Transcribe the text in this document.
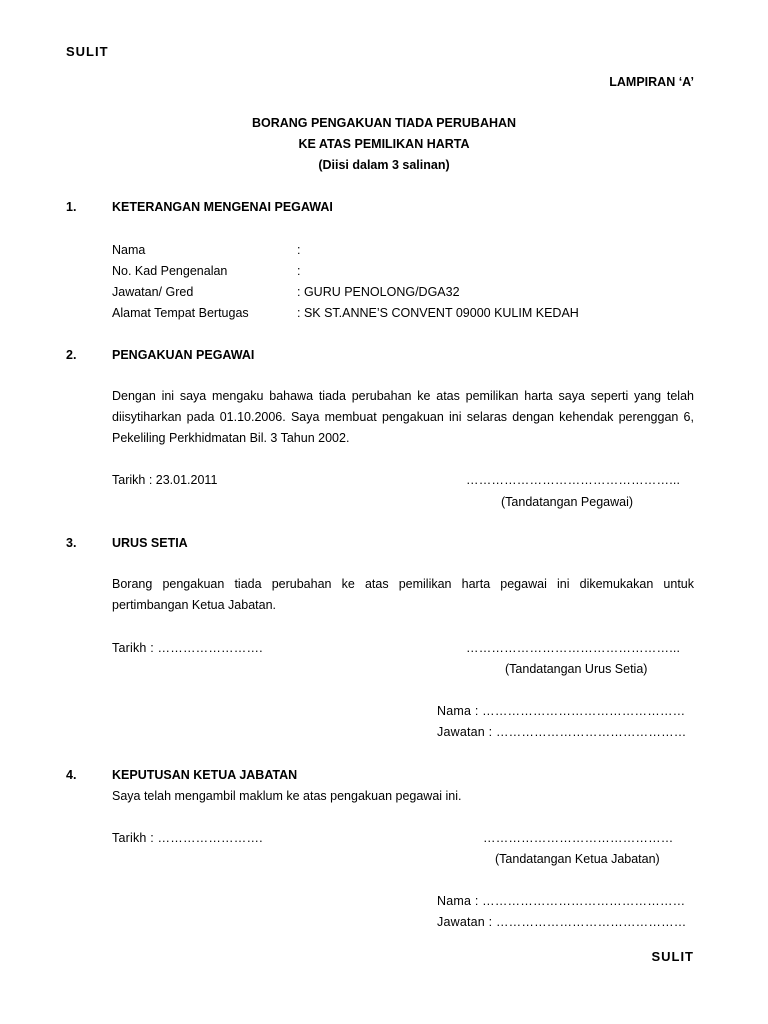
SULIT
LAMPIRAN ‘A’
BORANG PENGAKUAN TIADA PERUBAHAN
KE ATAS PEMILIKAN HARTA
(Diisi dalam 3 salinan)
1.	KETERANGAN MENGENAI PEGAWAI
Nama	:
No. Kad Pengenalan	:
Jawatan/ Gred	: GURU PENOLONG/DGA32
Alamat Tempat Bertugas	: SK ST.ANNE’S CONVENT 09000 KULIM KEDAH
2.	PENGAKUAN PEGAWAI
Dengan ini saya mengaku bahawa tiada perubahan ke atas pemilikan harta saya seperti yang telah diisytiharkan pada 01.10.2006. Saya membuat pengakuan ini selaras dengan kehendak perenggan 6, Pekeliling Perkhidmatan Bil. 3 Tahun 2002.
Tarikh : 23.01.2011	…………………………………………...
(Tandatangan Pegawai)
3.	URUS SETIA
Borang pengakuan tiada perubahan ke atas pemilikan harta pegawai ini dikemukakan untuk pertimbangan Ketua Jabatan.
Tarikh : …………………….	…………………………………………...
(Tandatangan Urus Setia)
Nama : …………………………………………
Jawatan : ………………………………………
4.	KEPUTUSAN KETUA JABATAN
Saya telah mengambil maklum ke atas pengakuan pegawai ini.
Tarikh : …………………….	………………………………………
(Tandatangan Ketua Jabatan)
Nama : …………………………………………
Jawatan : ………………………………………
SULIT
